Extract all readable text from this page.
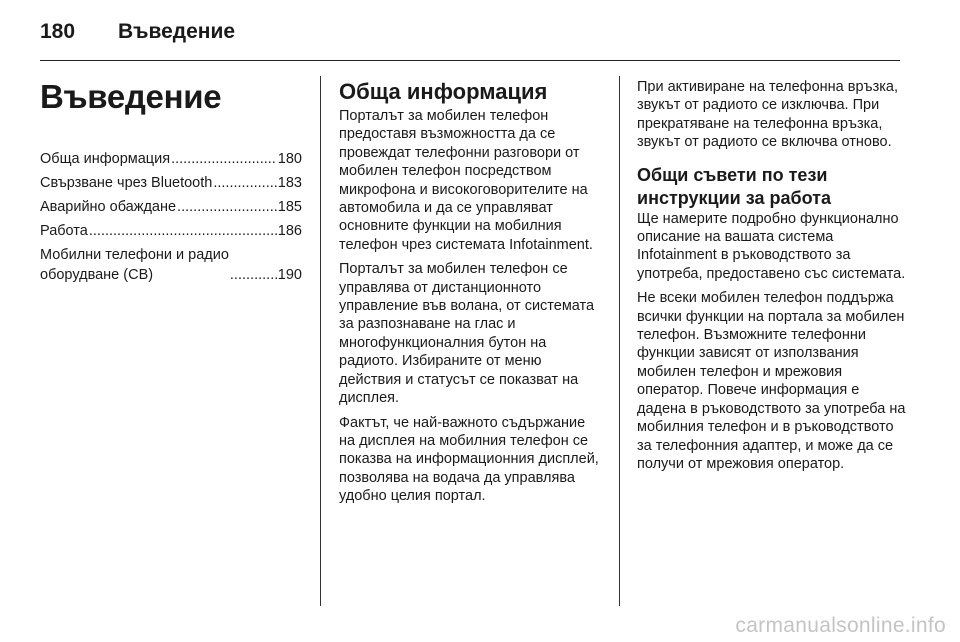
180 Въведение
Въведение
Обща информация .....	180
Свързване чрез Bluetooth .....	183
Аварийно обаждане .....	185
Работа .....	186
Мобилни телефони и радио
оборудване (CB) .....	190
Обща информация

Порталът за мобилен телефон предоставя възможността да се провеждат телефонни разговори от мобилен телефон посредством микрофона и високоговорителите на автомобила и да се управляват основните функции на мобилния телефон чрез системата Infotainment.

Порталът за мобилен телефон се управлява от дистанционното управление във волана, от системата за разпознаване на глас и многофункционалния бутон на радиото. Избираните от меню действия и статусът се показват на дисплея.

Фактът, че най-важното съдържание на дисплея на мобилния телефон се показва на информационния дисплей, позволява на водача да управлява удобно целия портал.

При активиране на телефонна връзка, звукът от радиото се изключва. При прекратяване на телефонна връзка, звукът от радиото се включва отново.

Общи съвети по тези инструкции за работа

Ще намерите подробно функционално описание на вашата система Infotainment в ръководството за употреба, предоставено със системата.

Не всеки мобилен телефон поддържа всички функции на портала за мобилен телефон. Възможните телефонни функции зависят от използвания мобилен телефон и мрежовия оператор. Повече информация е дадена в ръководството за употреба на мобилния телефон и в ръководството за телефонния адаптер, и може да се получи от мрежовия оператор.

carmanualsonline.info
